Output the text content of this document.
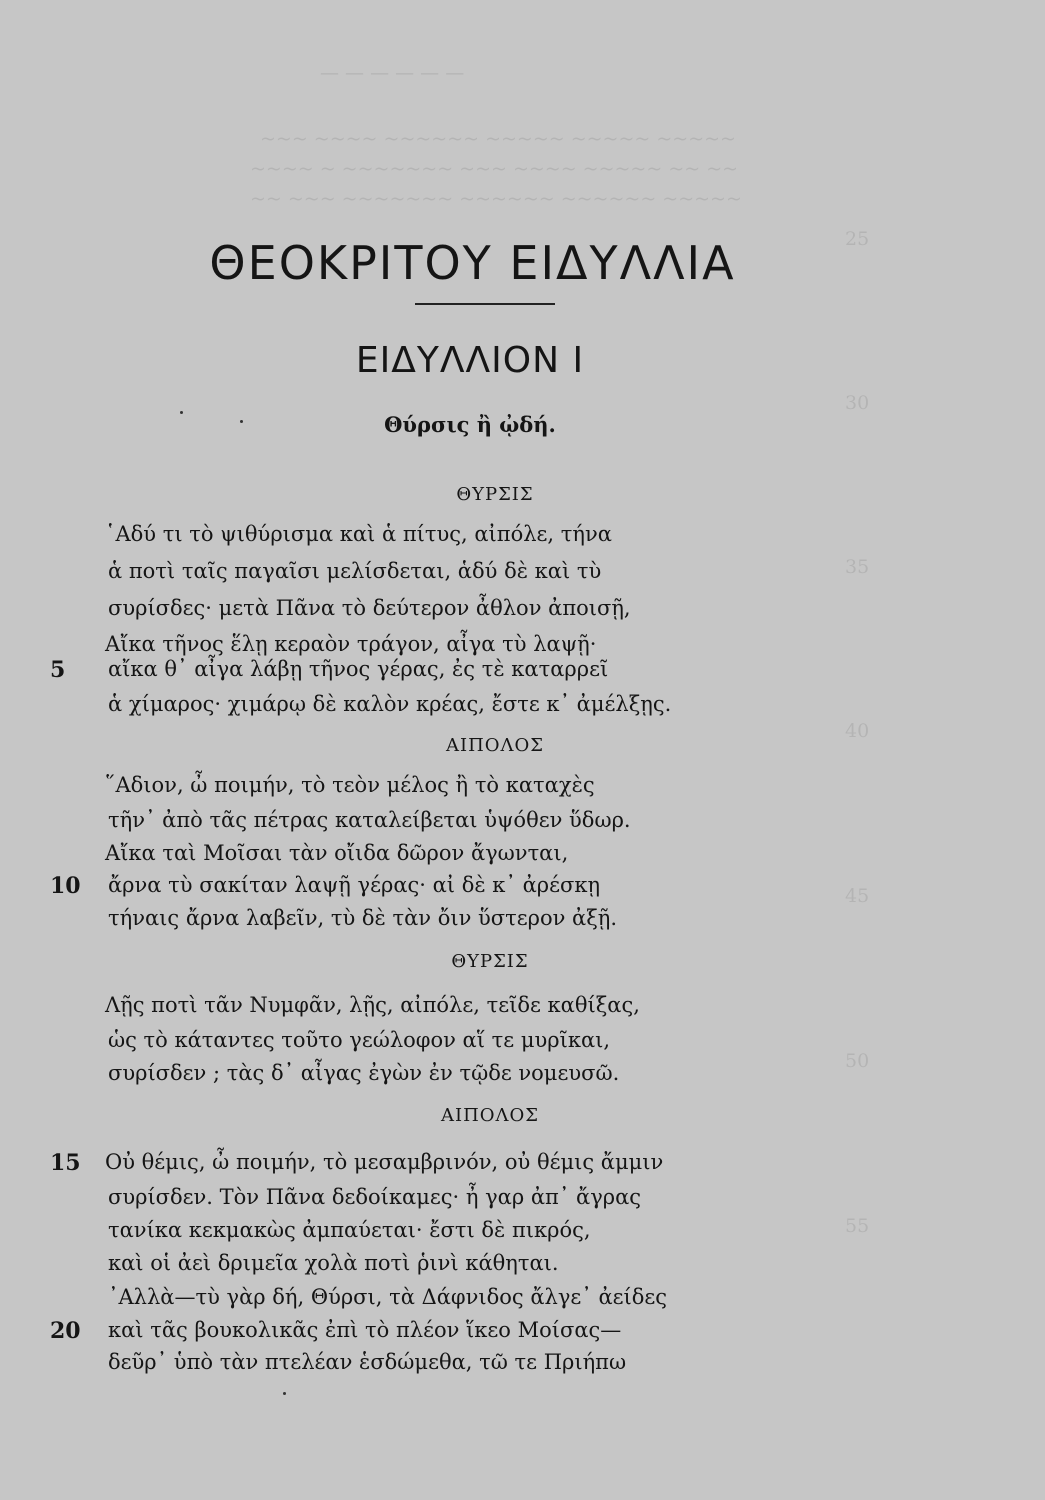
— — — — — —
~~~ ~~~~ ~~~~~~ ~~~~~ ~~~~~ ~~~~~
~~~~ ~ ~~~~~~~ ~~~ ~~~~ ~~~~~ ~~ ~~
~~ ~~~ ~~~~~~~ ~~~~~~ ~~~~~~ ~~~~~
25
30
35
40
45
50
55
ΘΕΟΚΡΙΤΟΥ ΕΙΔΥΛΛΙΑ
ΕΙΔΥΛΛΙΟΝ Ι
Θύρσις ἢ ᾠδή.
ΘΥΡΣΙΣ
῾Αδύ τι τὸ ψιθύρισμα καὶ ἁ πίτυς, αἰπόλε, τήνα
ἁ ποτὶ ταῖς παγαῖσι μελίσδεται, ἁδύ δὲ καὶ τὺ
συρίσδες· μετὰ Πᾶνα τὸ δεύτερον ἆθλον ἀποισῇ,
Αἴκα τῆνος ἕλῃ κεραὸν τράγον, αἶγα τὺ λαψῇ·
5	αἴκα θ᾽ αἶγα λάβῃ τῆνος γέρας, ἐς τὲ καταρρεῖ
ἁ χίμαρος· χιμάρῳ δὲ καλὸν κρέας, ἔστε κ᾽ ἀμέλξῃς.
ΑΙΠΟΛΟΣ
῞Αδιον, ὦ ποιμήν, τὸ τεὸν μέλος ἢ τὸ καταχὲς
τῆν᾽ ἀπὸ τᾶς πέτρας καταλείβεται ὑψόθεν ὕδωρ.
Αἴκα ταὶ Μοῖσαι τὰν οἴιδα δῶρον ἄγωνται,
10	ἄρνα τὺ σακίταν λαψῇ γέρας· αἰ δὲ κ᾽ ἀρέσκῃ
τήναις ἄρνα λαβεῖν, τὺ δὲ τὰν ὄιν ὕστερον ἀξῇ.
ΘΥΡΣΙΣ
Λῇς ποτὶ τᾶν Νυμφᾶν, λῇς, αἰπόλε, τεῖδε καθίξας,
ὡς τὸ κάταντες τοῦτο γεώλοφον αἵ τε μυρῖκαι,
συρίσδεν ; τὰς δ᾽ αἶγας ἐγὼν ἐν τῷδε νομευσῶ.
ΑΙΠΟΛΟΣ
15	Οὐ θέμις, ὦ ποιμήν, τὸ μεσαμβρινόν, οὐ θέμις ἄμμιν
συρίσδεν. Τὸν Πᾶνα δεδοίκαμες· ἦ γαρ ἀπ᾽ ἄγρας
τανίκα κεκμακὼς ἀμπαύεται· ἔστι δὲ πικρός,
καὶ οἱ ἀεὶ δριμεῖα χολὰ ποτὶ ῥινὶ κάθηται.
᾽Αλλὰ—τὺ γὰρ δή, Θύρσι, τὰ Δάφνιδος ἄλγε᾽ ἀείδες
20	καὶ τᾶς βουκολικᾶς ἐπὶ τὸ πλέον ἵκεο Μοίσας—
δεῦρ᾽ ὑπὸ τὰν πτελέαν ἑσδώμεθα, τῶ τε Πριήπω
